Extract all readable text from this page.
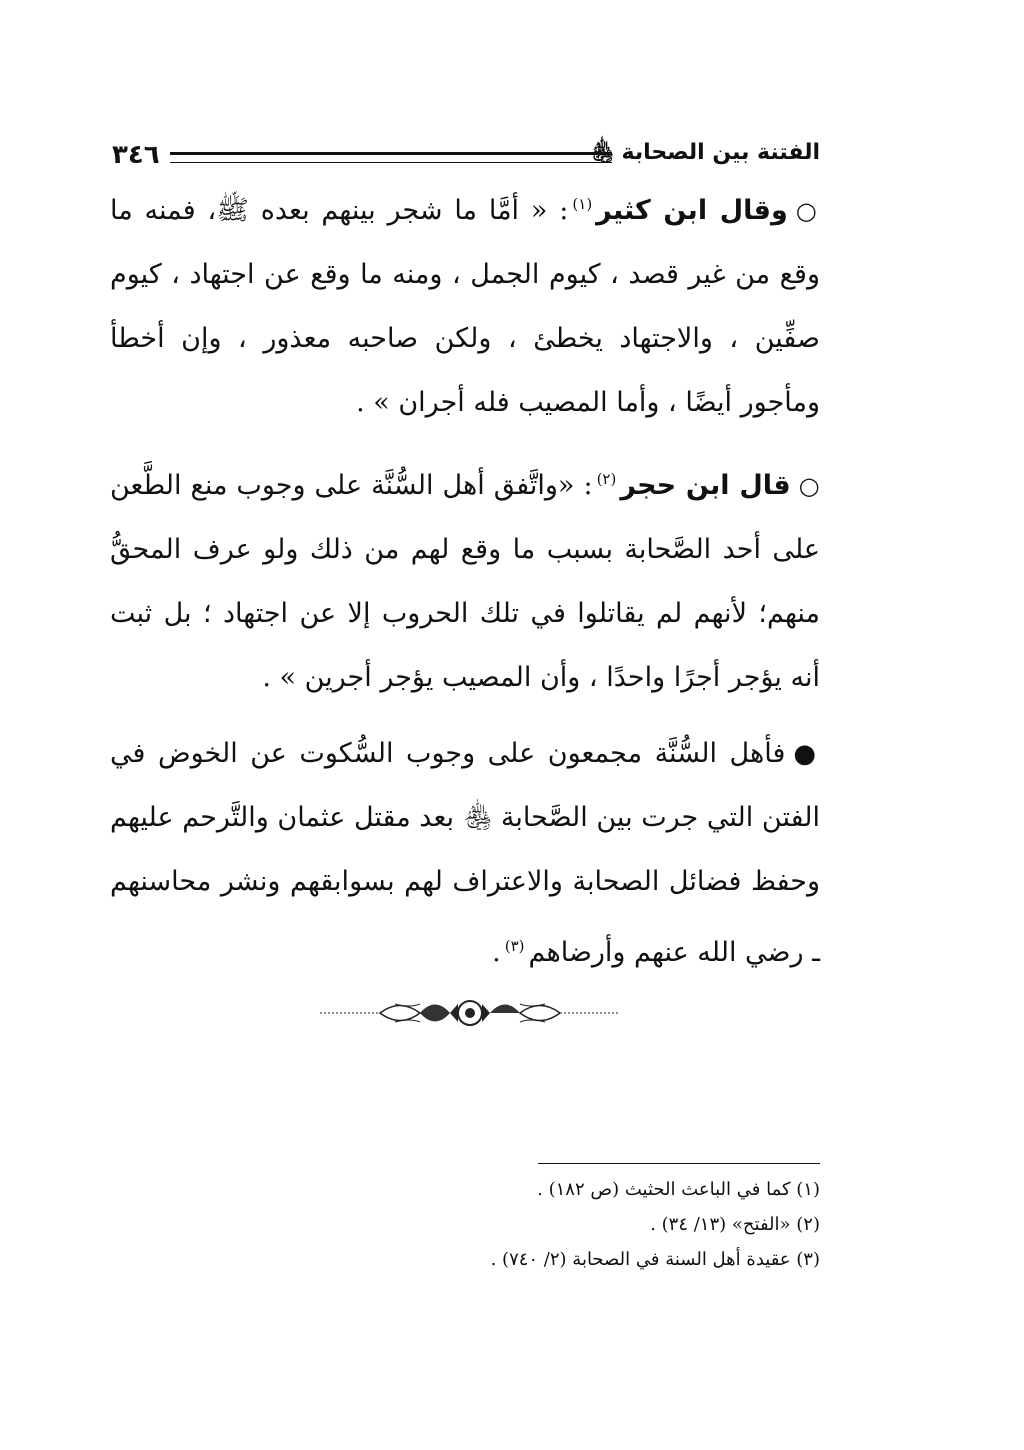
٣٤٦	الفتنة بين الصحابة ﵃

○وقال ابن كثير$^{(١)}$: « أمَّا ما شجر بينهم بعده ﷺ، فمنه ما وقع من غير قصد ، كيوم الجمل ، ومنه ما وقع عن اجتهاد ، كيوم صفِّين ، والاجتهاد يخطئ ، ولكن صاحبه معذور ، وإن أخطأ ومأجور أيضًا ، وأما المصيب فله أجران » .

○قال ابن حجر$^{(٢)}$: «واتَّفق أهل السُّنَّة على وجوب منع الطَّعن على أحد الصَّحابة بسبب ما وقع لهم من ذلك ولو عرف المحقُّ منهم؛ لأنهم لم يقاتلوا في تلك الحروب إلا عن اجتهاد ؛ بل ثبت أنه يؤجر أجرًا واحدًا ، وأن المصيب يؤجر أجرين » .

●فأهل السُّنَّة مجمعون على وجوب السُّكوت عن الخوض في الفتن التي جرت بين الصَّحابة ﵃ بعد مقتل عثمان والتَّرحم عليهم وحفظ فضائل الصحابة والاعتراف لهم بسوابقهم ونشر محاسنهم ـ رضي الله عنهم وأرضاهم$^{(٣)}$.

(١) كما في الباعث الحثيث (ص ١٨٢) .
(٢) «الفتح» (١٣/ ٣٤) .
(٣) عقيدة أهل السنة في الصحابة (٢/ ٧٤٠) .
